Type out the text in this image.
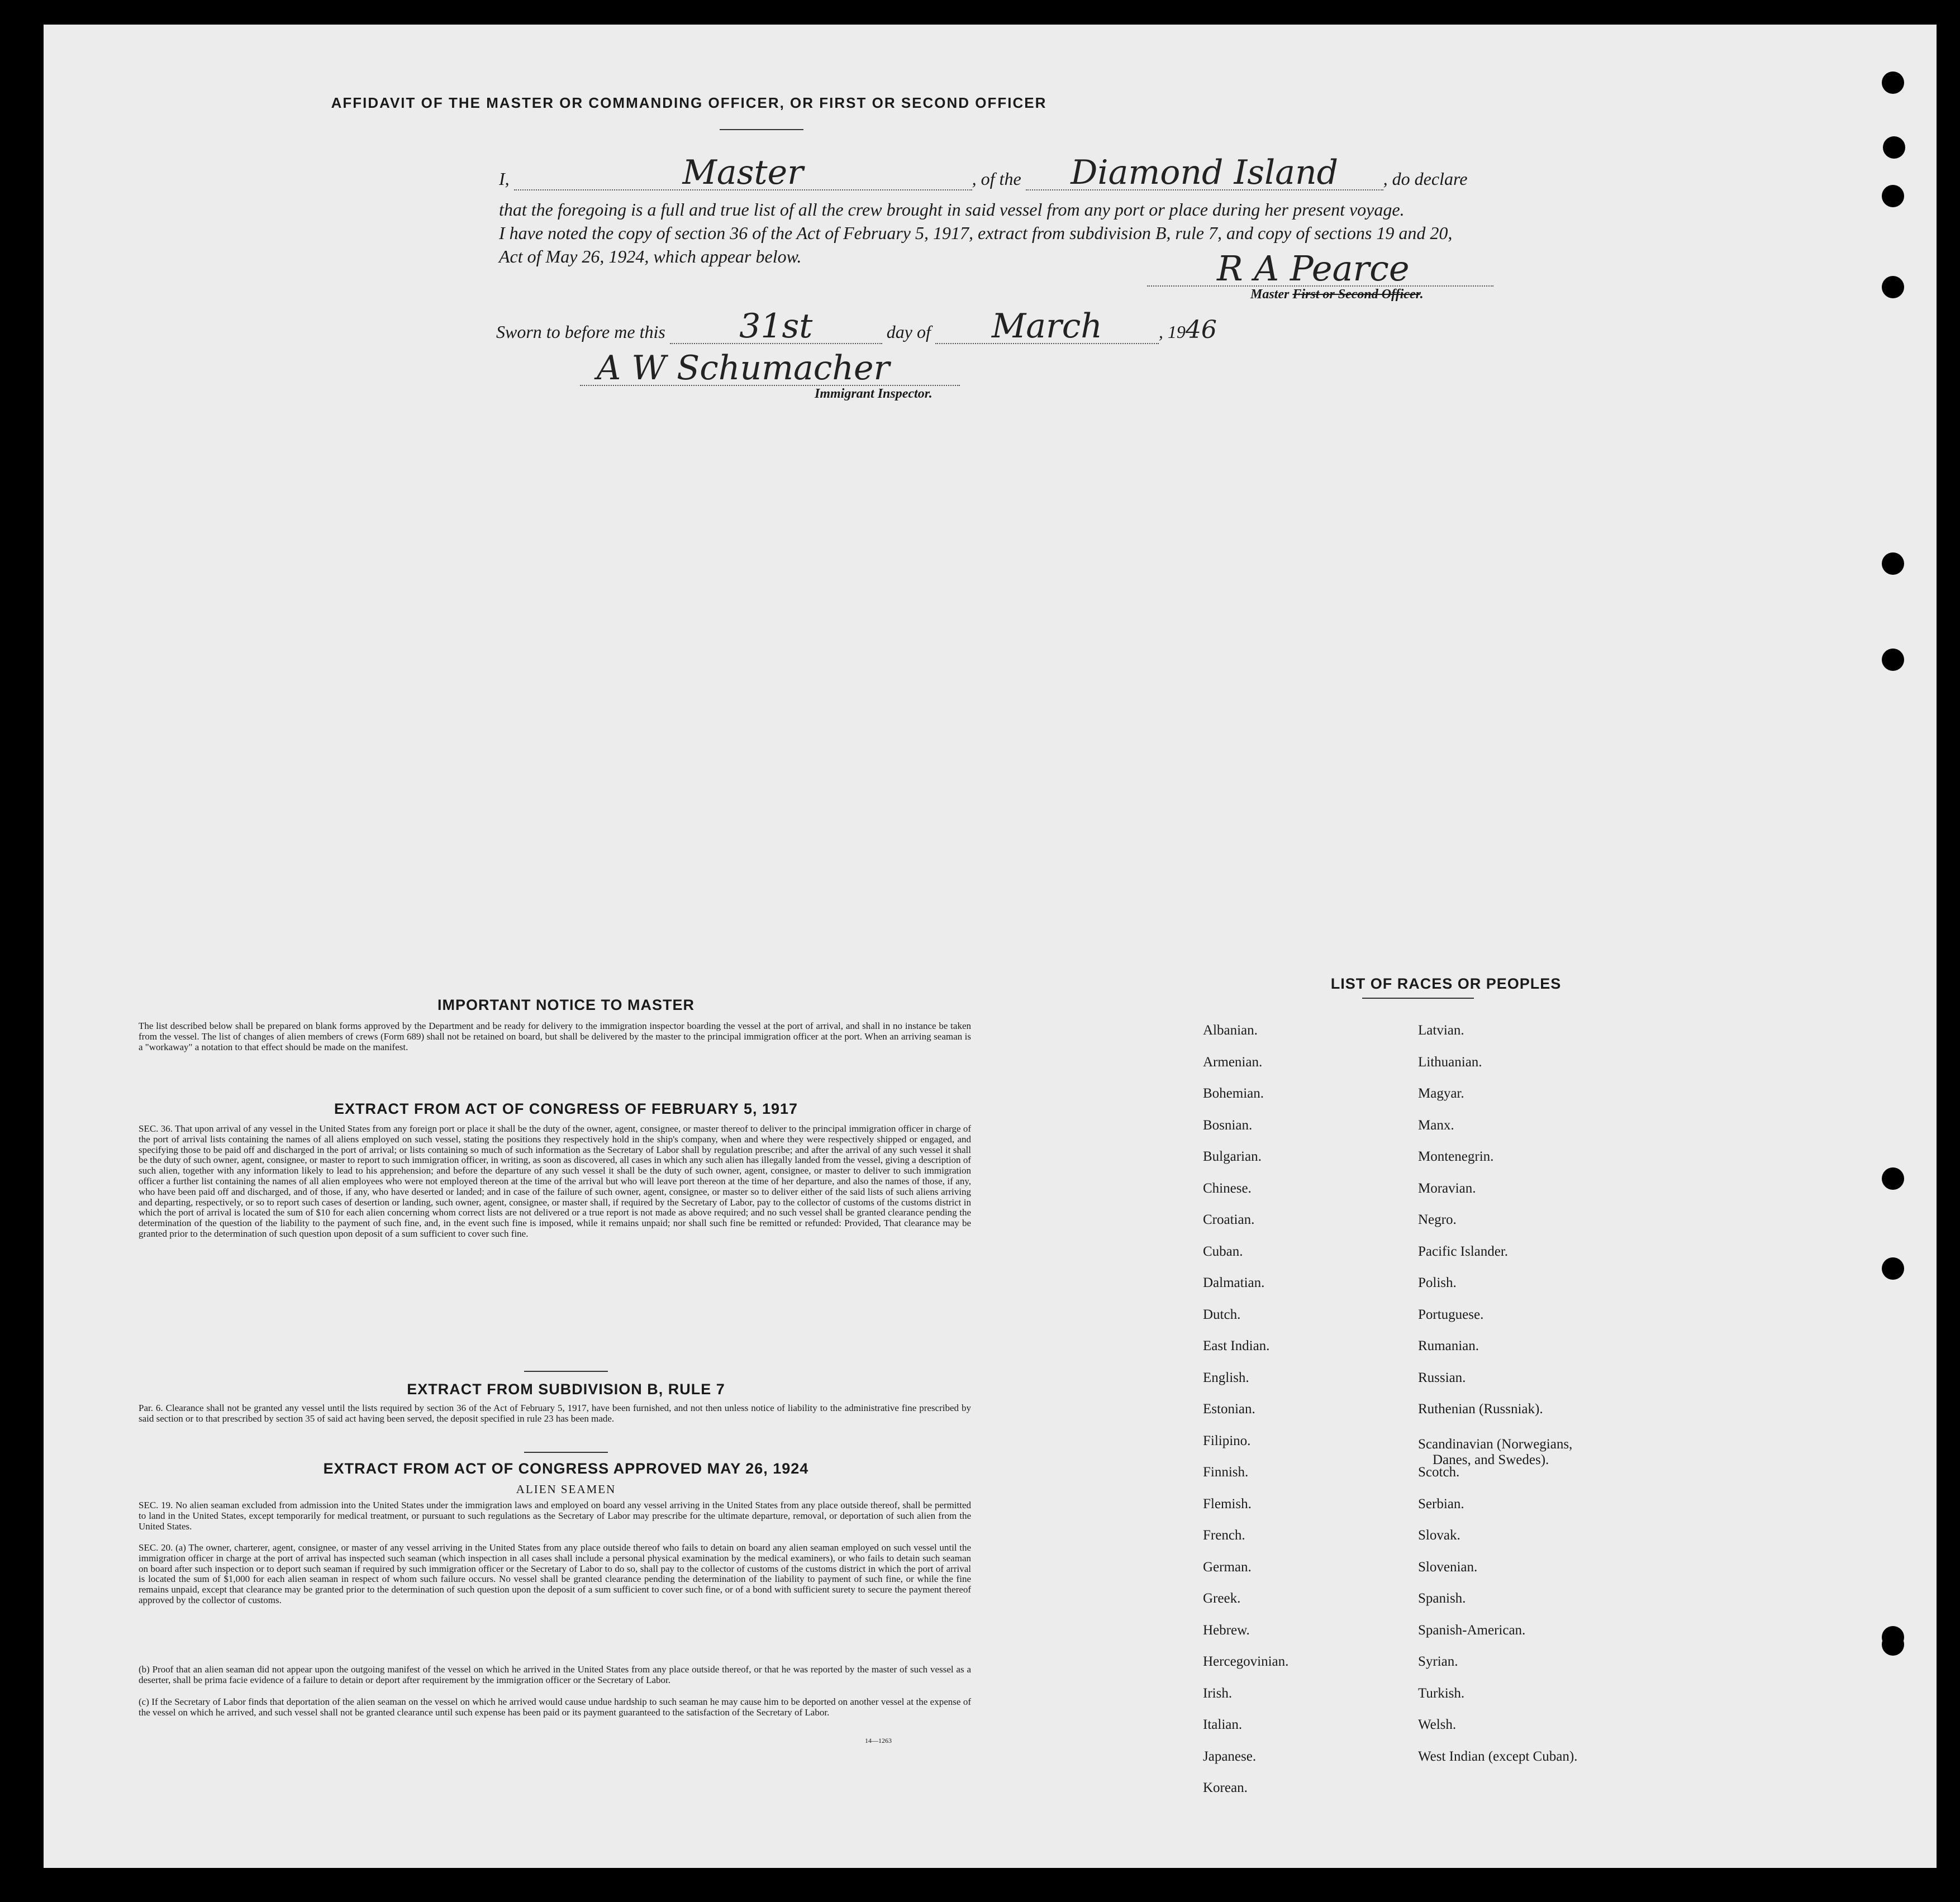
AFFIDAVIT OF THE MASTER OR COMMANDING OFFICER, OR FIRST OR SECOND OFFICER
I,	Master	, of the Diamond Island	, do declare
that the foregoing is a full and true list of all the crew brought in said vessel from any port or place during her present voyage.
I have noted the copy of section 36 of the Act of February 5, 1917, extract from subdivision B, rule 7, and copy of sections 19 and 20,
Act of May 26, 1924, which appear below.	R A Pearce
Master First or Second Officer.
Sworn to before me this 31st	day of March	, 1946
A W Schumacher
Immigrant Inspector.
IMPORTANT NOTICE TO MASTER
The list described below shall be prepared on blank forms approved by the Department and be ready for delivery to the immigration inspector boarding the vessel at the port of arrival, and shall in no instance be taken from the vessel. The list of changes of alien members of crews (Form 689) shall not be retained on board, but shall be delivered by the master to the principal immigration officer at the port. When an arriving seaman is a "workaway" a notation to that effect should be made on the manifest.
EXTRACT FROM ACT OF CONGRESS OF FEBRUARY 5, 1917
SEC. 36. That upon arrival of any vessel in the United States from any foreign port or place it shall be the duty of the owner, agent, consignee, or master thereof to deliver to the principal immigration officer in charge of the port of arrival lists containing the names of all aliens employed on such vessel, stating the positions they respectively hold in the ship's company, when and where they were respectively shipped or engaged, and specifying those to be paid off and discharged in the port of arrival; or lists containing so much of such information as the Secretary of Labor shall by regulation prescribe; and after the arrival of any such vessel it shall be the duty of such owner, agent, consignee, or master to report to such immigration officer, in writing, as soon as discovered, all cases in which any such alien has illegally landed from the vessel, giving a description of such alien, together with any information likely to lead to his apprehension; and before the departure of any such vessel it shall be the duty of such owner, agent, consignee, or master to deliver to such immigration officer a further list containing the names of all alien employees who were not employed thereon at the time of the arrival but who will leave port thereon at the time of her departure, and also the names of those, if any, who have been paid off and discharged, and of those, if any, who have deserted or landed; and in case of the failure of such owner, agent, consignee, or master so to deliver either of the said lists of such aliens arriving and departing, respectively, or so to report such cases of desertion or landing, such owner, agent, consignee, or master shall, if required by the Secretary of Labor, pay to the collector of customs of the customs district in which the port of arrival is located the sum of $10 for each alien concerning whom correct lists are not delivered or a true report is not made as above required; and no such vessel shall be granted clearance pending the determination of the question of the liability to the payment of such fine, and, in the event such fine is imposed, while it remains unpaid; nor shall such fine be remitted or refunded: Provided, That clearance may be granted prior to the determination of such question upon deposit of a sum sufficient to cover such fine.
EXTRACT FROM SUBDIVISION B, RULE 7
Par. 6. Clearance shall not be granted any vessel until the lists required by section 36 of the Act of February 5, 1917, have been furnished, and not then unless notice of liability to the administrative fine prescribed by said section or to that prescribed by section 35 of said act having been served, the deposit specified in rule 23 has been made.
EXTRACT FROM ACT OF CONGRESS APPROVED MAY 26, 1924
ALIEN SEAMEN
SEC. 19. No alien seaman excluded from admission into the United States under the immigration laws and employed on board any vessel arriving in the United States from any place outside thereof, shall be permitted to land in the United States, except temporarily for medical treatment, or pursuant to such regulations as the Secretary of Labor may prescribe for the ultimate departure, removal, or deportation of such alien from the United States.
SEC. 20. (a) The owner, charterer, agent, consignee, or master of any vessel arriving in the United States from any place outside thereof who fails to detain on board any alien seaman employed on such vessel until the immigration officer in charge at the port of arrival has inspected such seaman (which inspection in all cases shall include a personal physical examination by the medical examiners), or who fails to detain such seaman on board after such inspection or to deport such seaman if required by such immigration officer or the Secretary of Labor to do so, shall pay to the collector of customs of the customs district in which the port of arrival is located the sum of $1,000 for each alien seaman in respect of whom such failure occurs. No vessel shall be granted clearance pending the determination of the liability to payment of such fine, or while the fine remains unpaid, except that clearance may be granted prior to the determination of such question upon the deposit of a sum sufficient to cover such fine, or of a bond with sufficient surety to secure the payment thereof approved by the collector of customs.
(b) Proof that an alien seaman did not appear upon the outgoing manifest of the vessel on which he arrived in the United States from any place outside thereof, or that he was reported by the master of such vessel as a deserter, shall be prima facie evidence of a failure to detain or deport after requirement by the immigration officer or the Secretary of Labor.
(c) If the Secretary of Labor finds that deportation of the alien seaman on the vessel on which he arrived would cause undue hardship to such seaman he may cause him to be deported on another vessel at the expense of the vessel on which he arrived, and such vessel shall not be granted clearance until such expense has been paid or its payment guaranteed to the satisfaction of the Secretary of Labor.
14—1263
LIST OF RACES OR PEOPLES
Albanian.
Armenian.
Bohemian.
Bosnian.
Bulgarian.
Chinese.
Croatian.
Cuban.
Dalmatian.
Dutch.
East Indian.
English.
Estonian.
Filipino.
Finnish.
Flemish.
French.
German.
Greek.
Hebrew.
Hercegovinian.
Irish.
Italian.
Japanese.
Korean.
Latvian.
Lithuanian.
Magyar.
Manx.
Montenegrin.
Moravian.
Negro.
Pacific Islander.
Polish.
Portuguese.
Rumanian.
Russian.
Ruthenian (Russniak).
Scandinavian (Norwegians,
Danes, and Swedes).
Scotch.
Serbian.
Slovak.
Slovenian.
Spanish.
Spanish-American.
Syrian.
Turkish.
Welsh.
West Indian (except Cuban).
